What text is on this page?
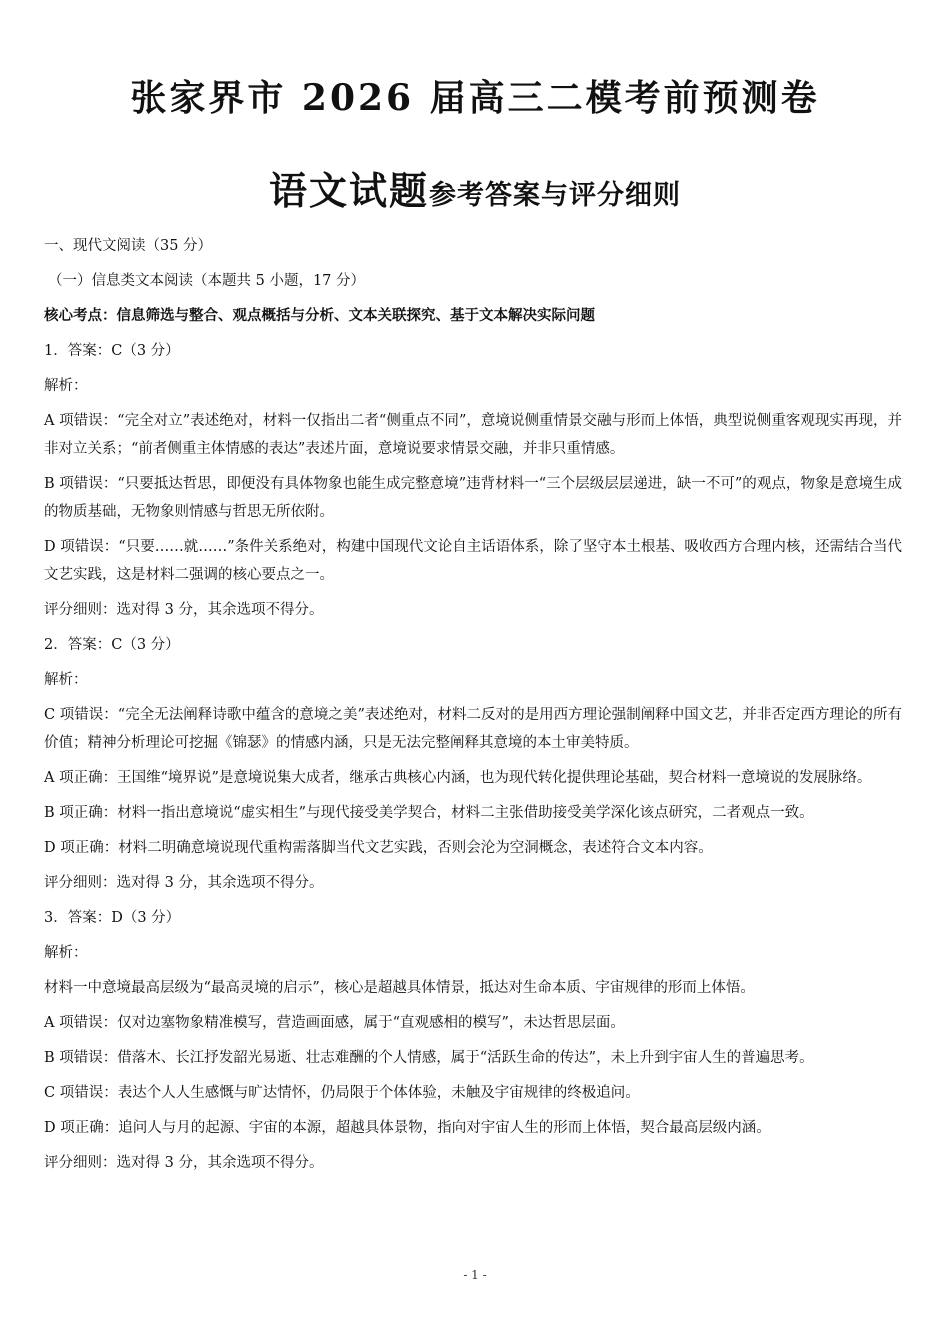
张家界市 2026 届高三二模考前预测卷
语文试题参考答案与评分细则

一、现代文阅读（35 分）

（一）信息类文本阅读（本题共 5 小题，17 分）

核心考点：信息筛选与整合、观点概括与分析、文本关联探究、基于文本解决实际问题

1．答案：C（3 分）

解析：

A 项错误：“完全对立”表述绝对，材料一仅指出二者“侧重点不同”，意境说侧重情景交融与形而上体悟，典型说侧重客观现实再现，并非对立关系；“前者侧重主体情感的表达”表述片面，意境说要求情景交融，并非只重情感。

B 项错误：“只要抵达哲思，即便没有具体物象也能生成完整意境”违背材料一“三个层级层层递进，缺一不可”的观点，物象是意境生成的物质基础，无物象则情感与哲思无所依附。

D 项错误：“只要……就……”条件关系绝对，构建中国现代文论自主话语体系，除了坚守本土根基、吸收西方合理内核，还需结合当代文艺实践，这是材料二强调的核心要点之一。

评分细则：选对得 3 分，其余选项不得分。

2．答案：C（3 分）

解析：

C 项错误：“完全无法阐释诗歌中蕴含的意境之美”表述绝对，材料二反对的是用西方理论强制阐释中国文艺，并非否定西方理论的所有价值；精神分析理论可挖掘《锦瑟》的情感内涵，只是无法完整阐释其意境的本土审美特质。

A 项正确：王国维“境界说”是意境说集大成者，继承古典核心内涵，也为现代转化提供理论基础，契合材料一意境说的发展脉络。

B 项正确：材料一指出意境说“虚实相生”与现代接受美学契合，材料二主张借助接受美学深化该点研究，二者观点一致。

D 项正确：材料二明确意境说现代重构需落脚当代文艺实践，否则会沦为空洞概念，表述符合文本内容。

评分细则：选对得 3 分，其余选项不得分。

3．答案：D（3 分）

解析：

材料一中意境最高层级为“最高灵境的启示”，核心是超越具体情景，抵达对生命本质、宇宙规律的形而上体悟。

A 项错误：仅对边塞物象精准模写，营造画面感，属于“直观感相的模写”，未达哲思层面。

B 项错误：借落木、长江抒发韶光易逝、壮志难酬的个人情感，属于“活跃生命的传达”，未上升到宇宙人生的普遍思考。

C 项错误：表达个人人生感慨与旷达情怀，仍局限于个体体验，未触及宇宙规律的终极追问。

D 项正确：追问人与月的起源、宇宙的本源，超越具体景物，指向对宇宙人生的形而上体悟，契合最高层级内涵。

评分细则：选对得 3 分，其余选项不得分。

- 1 -
